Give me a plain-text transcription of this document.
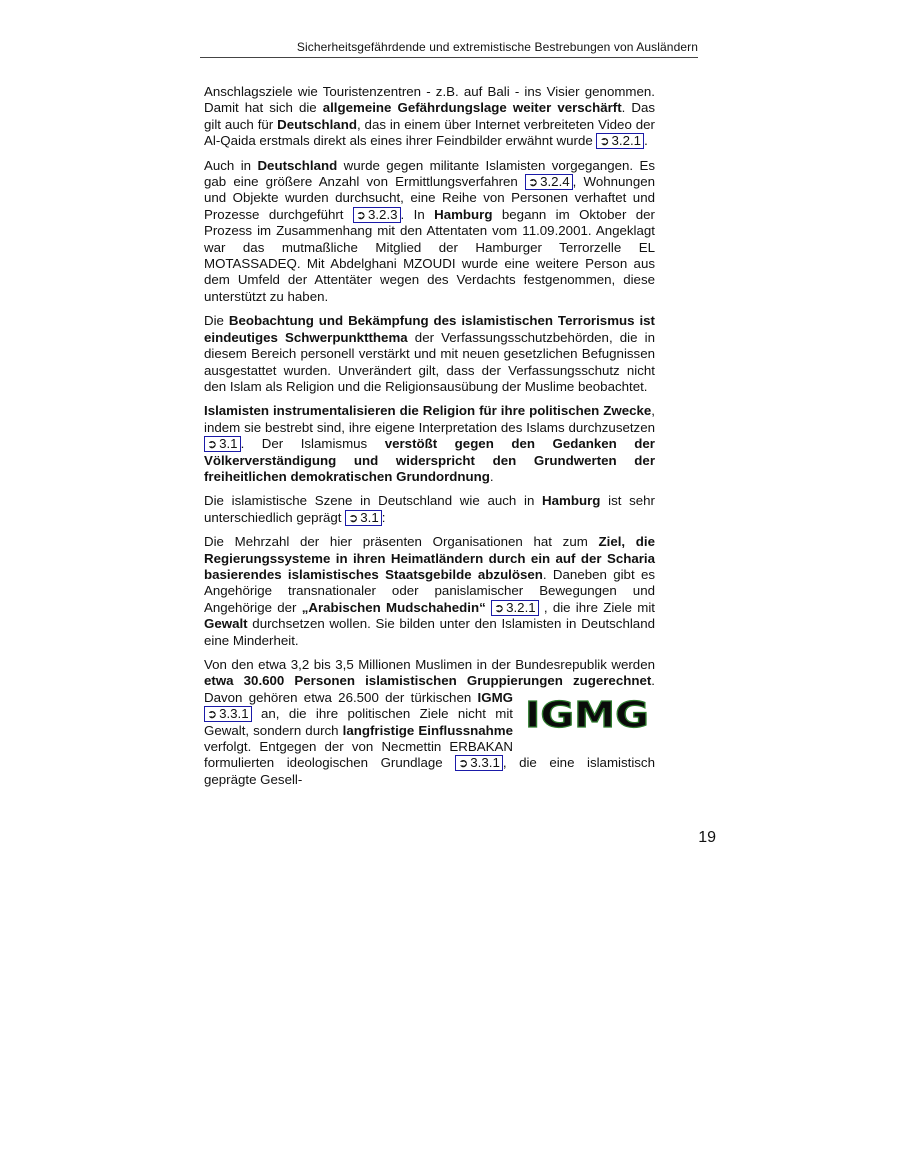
Sicherheitsgefährdende und extremistische Bestrebungen von Ausländern

Anschlagsziele wie Touristenzentren - z.B. auf Bali - ins Visier genommen. Damit hat sich die allgemeine Gefährdungslage weiter verschärft. Das gilt auch für Deutschland, das in einem über Internet verbreiteten Video der Al-Qaida erstmals direkt als eines ihrer Feindbilder erwähnt wurde ➲ 3.2.1 .

Auch in Deutschland wurde gegen militante Islamisten vorgegangen. Es gab eine größere Anzahl von Ermittlungsverfahren ➲ 3.2.4 , Wohnungen und Objekte wurden durchsucht, eine Reihe von Personen verhaftet und Prozesse durchgeführt ➲ 3.2.3 . In Hamburg begann im Oktober der Prozess im Zusammenhang mit den Attentaten vom 11.09.2001. Angeklagt war das mutmaßliche Mitglied der Hamburger Terrorzelle EL MOTASSADEQ. Mit Abdelghani MZOUDI wurde eine weitere Person aus dem Umfeld der Attentäter wegen des Verdachts festgenommen, diese unterstützt zu haben.

Die Beobachtung und Bekämpfung des islamistischen Terrorismus ist eindeutiges Schwerpunktthema der Verfassungsschutzbehörden, die in diesem Bereich personell verstärkt und mit neuen gesetzlichen Befugnissen ausgestattet wurden. Unverändert gilt, dass der Verfassungsschutz nicht den Islam als Religion und die Religionsausübung der Muslime beobachtet.

Islamisten instrumentalisieren die Religion für ihre politischen Zwecke, indem sie bestrebt sind, ihre eigene Interpretation des Islams durchzusetzen ➲ 3.1 . Der Islamismus verstößt gegen den Gedanken der Völkerverständigung und widerspricht den Grundwerten der freiheitlichen demokratischen Grundordnung.

Die islamistische Szene in Deutschland wie auch in Hamburg ist sehr unterschiedlich geprägt ➲ 3.1 :

Die Mehrzahl der hier präsenten Organisationen hat zum Ziel, die Regierungssysteme in ihren Heimatländern durch ein auf der Scharia basierendes islamistisches Staatsgebilde abzulösen. Daneben gibt es Angehörige transnationaler oder panislamischer Bewegungen und Angehörige der „Arabischen Mudschahedin“ ➲ 3.2.1 , die ihre Ziele mit Gewalt durchsetzen wollen. Sie bilden unter den Islamisten in Deutschland eine Minderheit.

Von den etwa 3,2 bis 3,5 Millionen Muslimen in der Bundesrepublik werden etwa 30.600 Personen islamistischen Gruppierungen zugerechnet
IGMG
. Davon gehören etwa 26.500 der türkischen IGMG ➲ 3.3.1 an, die ihre politischen Ziele nicht mit Gewalt, sondern durch langfristige Einflussnahme verfolgt. Entgegen der von Necmettin ERBAKAN formulierten ideologischen Grundlage ➲ 3.3.1 , die eine islamistisch geprägte Gesell-

19
